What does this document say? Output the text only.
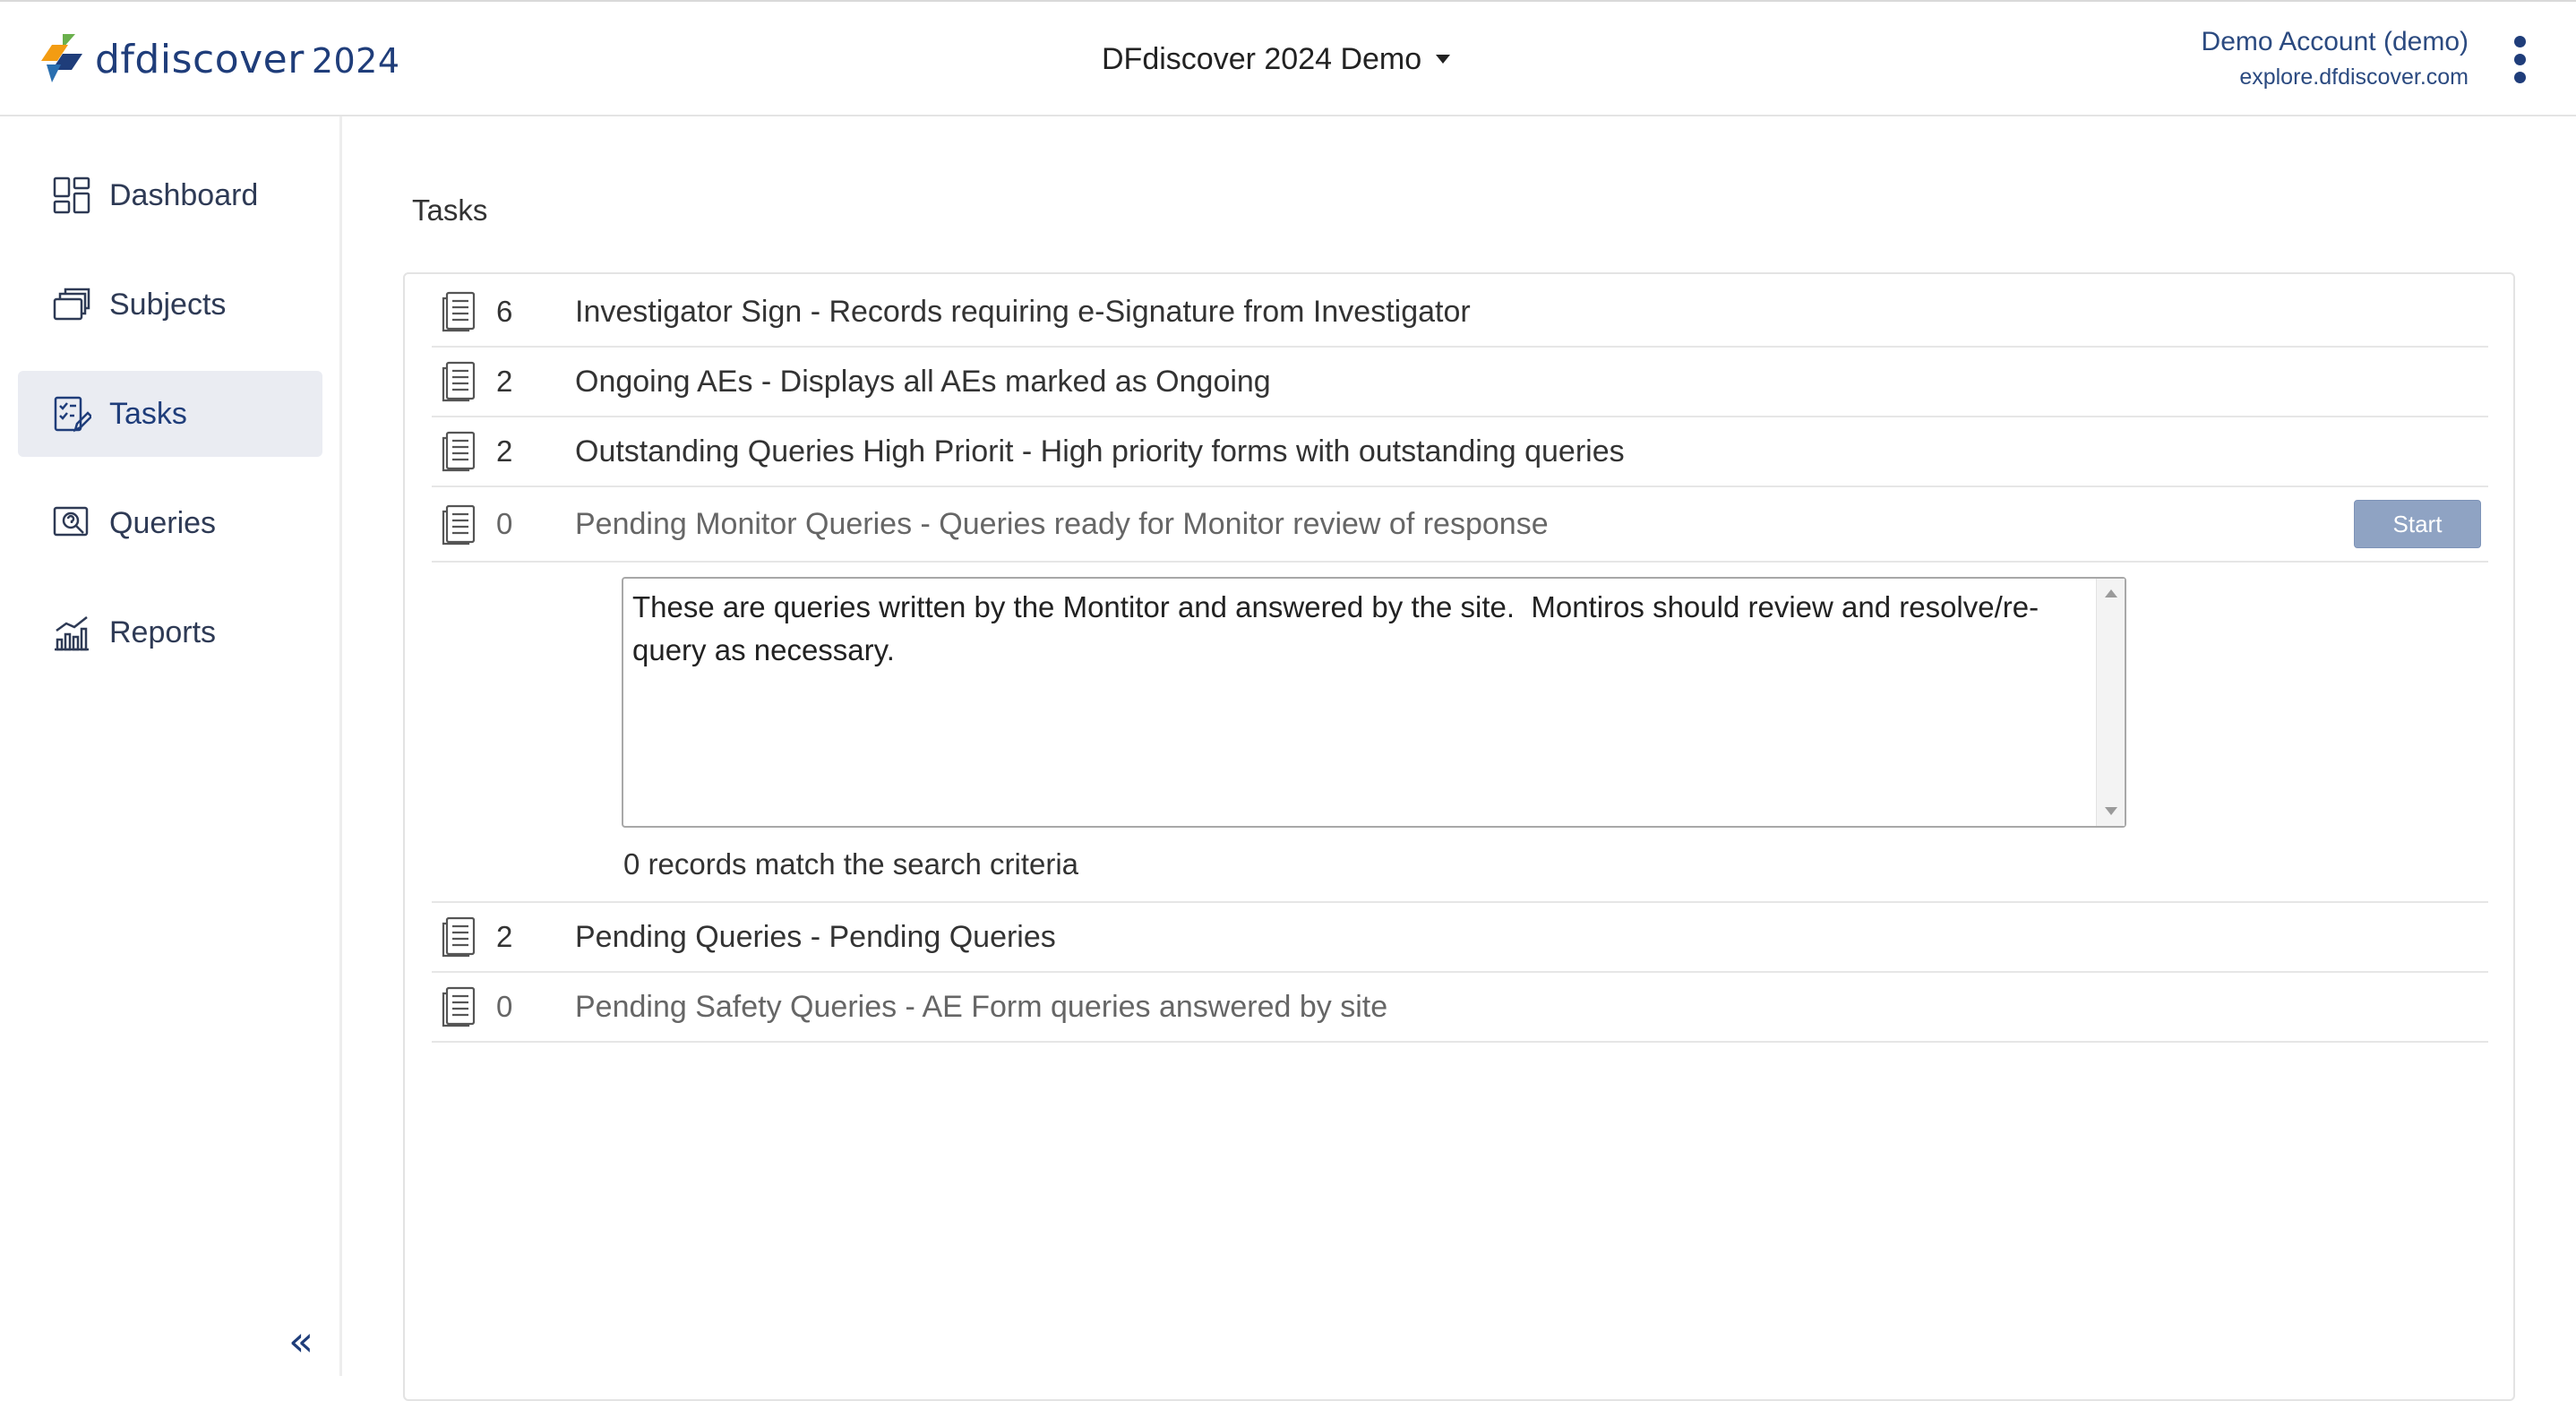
dfdiscover 2024	DFdiscover 2024 Demo	Demo Account (demo)
explore.dfdiscover.com
Dashboard
Subjects
Tasks
Queries
Reports
«
Tasks
6 Investigator Sign - Records requiring e-Signature from Investigator
2 Ongoing AEs - Displays all AEs marked as Ongoing
2 Outstanding Queries High Priorit - High priority forms with outstanding queries
0 Pending Monitor Queries - Queries ready for Monitor review of response	Start
These are queries written by the Montitor and answered by the site. Montiros should review and resolve/re-query as necessary.
0 records match the search criteria
2 Pending Queries - Pending Queries
0 Pending Safety Queries - AE Form queries answered by site
